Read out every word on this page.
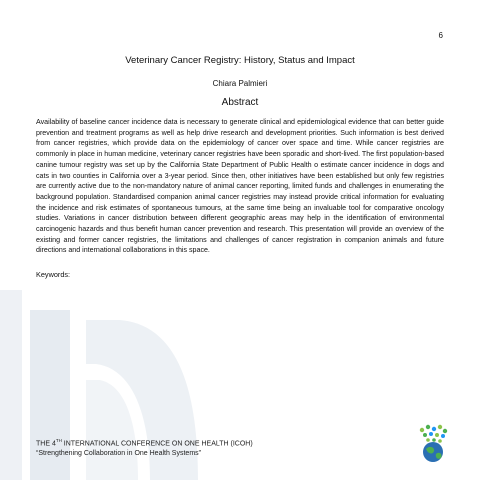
6
Veterinary Cancer Registry: History, Status and Impact
Chiara Palmieri
Abstract

Availability of baseline cancer incidence data is necessary to generate clinical and epidemiological evidence that can better guide prevention and treatment programs as well as help drive research and development priorities. Such information is best derived from cancer registries, which provide data on the epidemiology of cancer over space and time. While cancer registries are commonly in place in human medicine, veterinary cancer registries have been sporadic and short-lived. The first population-based canine tumour registry was set up by the California State Department of Public Health o estimate cancer incidence in dogs and cats in two counties in California over a 3-year period. Since then, other initiatives have been established but only few registries are currently active due to the non-mandatory nature of animal cancer reporting, limited funds and challenges in enumerating the background population. Standardised companion animal cancer registries may instead provide critical information for evaluating the incidence and risk estimates of spontaneous tumours, at the same time being an invaluable tool for comparative oncology studies. Variations in cancer distribution between different geographic areas may help in the identification of environmental carcinogenic hazards and thus benefit human cancer prevention and research. This presentation will provide an overview of the existing and former cancer registries, the limitations and challenges of cancer registration in companion animals and future directions and international collaborations in this space.

Keywords:
THE 4TH INTERNATIONAL CONFERENCE ON ONE HEALTH (ICOH)
“Strengthening Collaboration in One Health Systems”
